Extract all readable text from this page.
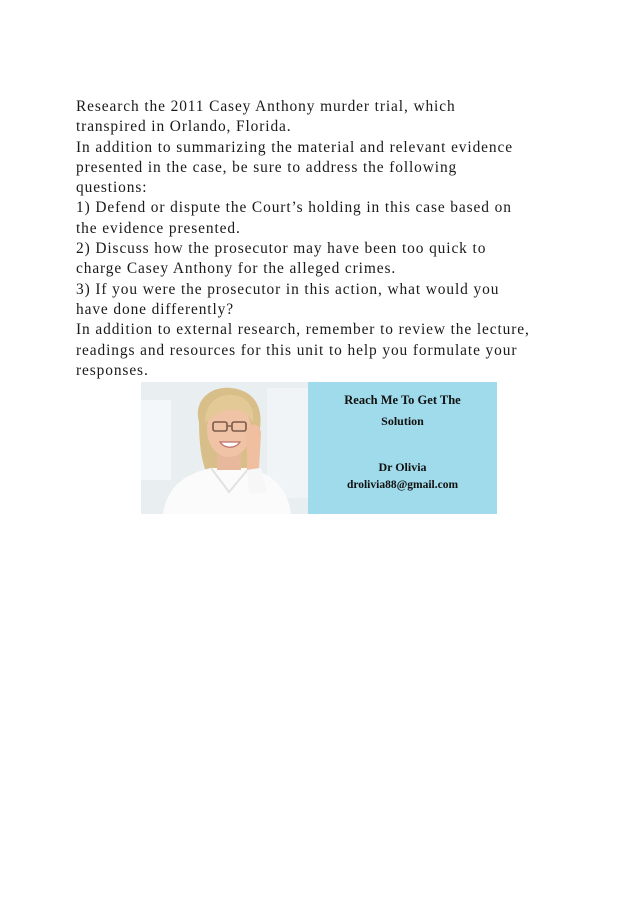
Research the 2011 Casey Anthony murder trial, which
transpired in Orlando, Florida.
In addition to summarizing the material and relevant evidence
presented in the case, be sure to address the following
questions:
1) Defend or dispute the Court’s holding in this case based on
the evidence presented.
2) Discuss how the prosecutor may have been too quick to
charge Casey Anthony for the alleged crimes.
3) If you were the prosecutor in this action, what would you
have done differently?
In addition to external research, remember to review the lecture,
readings and resources for this unit to help you formulate your
responses.
Reach Me To Get The
Solution
Dr Olivia
drolivia88@gmail.com
